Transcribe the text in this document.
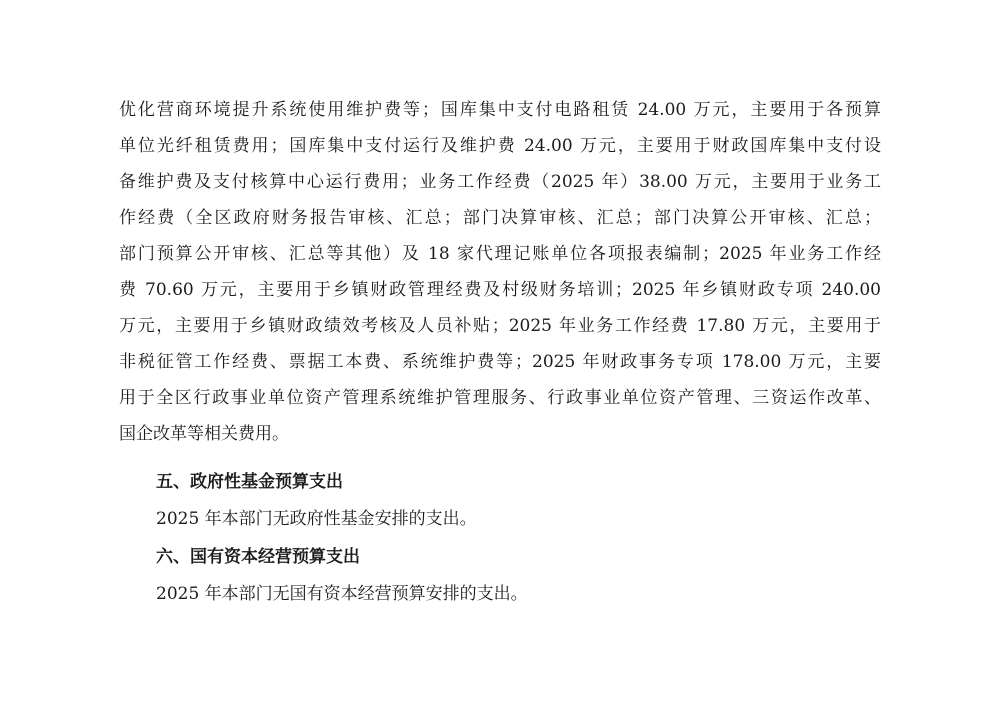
优化营商环境提升系统使用维护费等；国库集中支付电路租赁 24.00 万元，主要用于各预算
单位光纤租赁费用；国库集中支付运行及维护费 24.00 万元，主要用于财政国库集中支付设
备维护费及支付核算中心运行费用；业务工作经费（2025 年）38.00 万元，主要用于业务工
作经费（全区政府财务报告审核、汇总；部门决算审核、汇总；部门决算公开审核、汇总；
部门预算公开审核、汇总等其他）及 18 家代理记账单位各项报表编制；2025 年业务工作经
费 70.60 万元，主要用于乡镇财政管理经费及村级财务培训；2025 年乡镇财政专项 240.00
万元，主要用于乡镇财政绩效考核及人员补贴；2025 年业务工作经费 17.80 万元，主要用于
非税征管工作经费、票据工本费、系统维护费等；2025 年财政事务专项 178.00 万元，主要
用于全区行政事业单位资产管理系统维护管理服务、行政事业单位资产管理、三资运作改革、
国企改革等相关费用。
五、政府性基金预算支出
2025 年本部门无政府性基金安排的支出。
六、国有资本经营预算支出
2025 年本部门无国有资本经营预算安排的支出。
